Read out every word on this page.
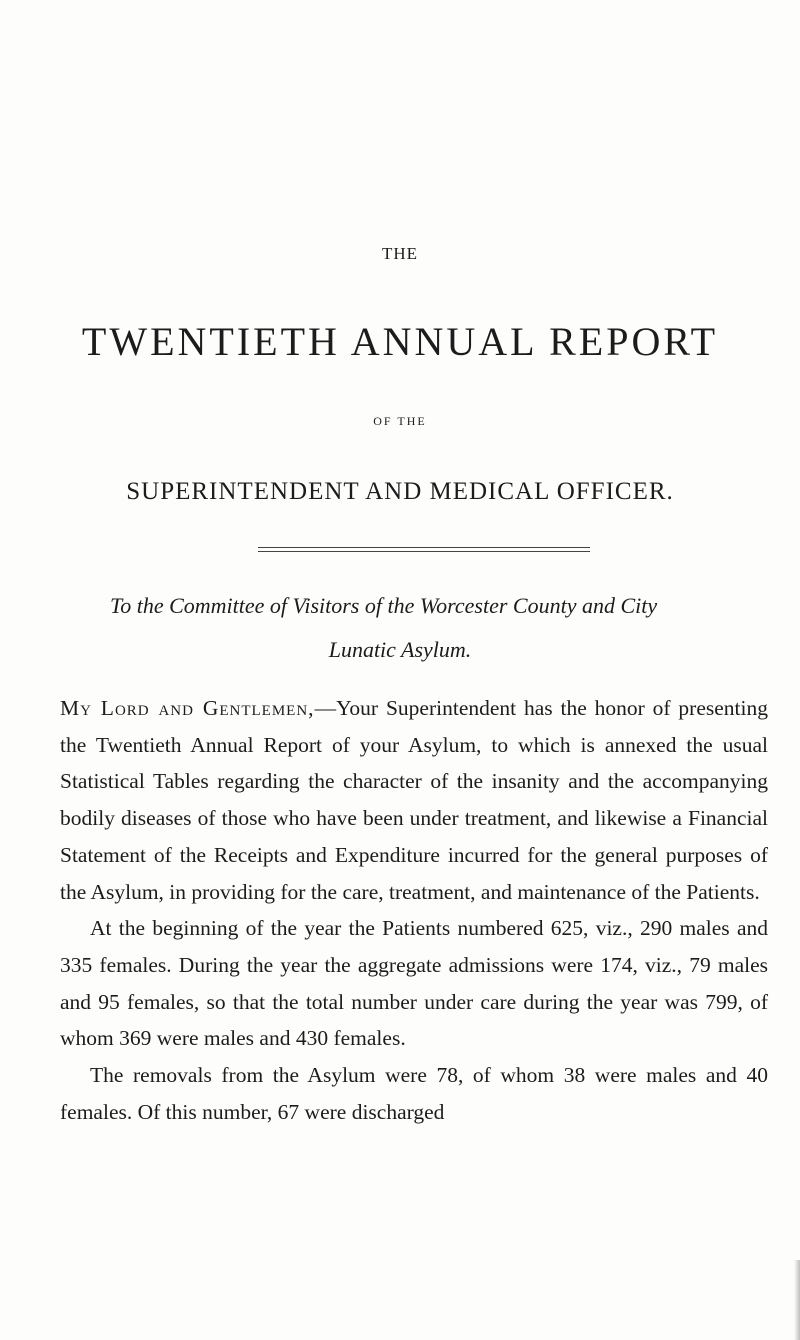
THE
TWENTIETH ANNUAL REPORT
OF THE
SUPERINTENDENT AND MEDICAL OFFICER.
To the Committee of Visitors of the Worcester County and City
Lunatic Asylum.

My Lord and Gentlemen,—Your Superintendent has the honor of presenting the Twentieth Annual Report of your Asylum, to which is annexed the usual Statistical Tables regarding the character of the insanity and the accompanying bodily diseases of those who have been under treatment, and likewise a Financial Statement of the Receipts and Expenditure incurred for the general purposes of the Asylum, in providing for the care, treatment, and maintenance of the Patients.

At the beginning of the year the Patients numbered 625, viz., 290 males and 335 females. During the year the aggregate admissions were 174, viz., 79 males and 95 females, so that the total number under care during the year was 799, of whom 369 were males and 430 females.

The removals from the Asylum were 78, of whom 38 were males and 40 females. Of this number, 67 were discharged
